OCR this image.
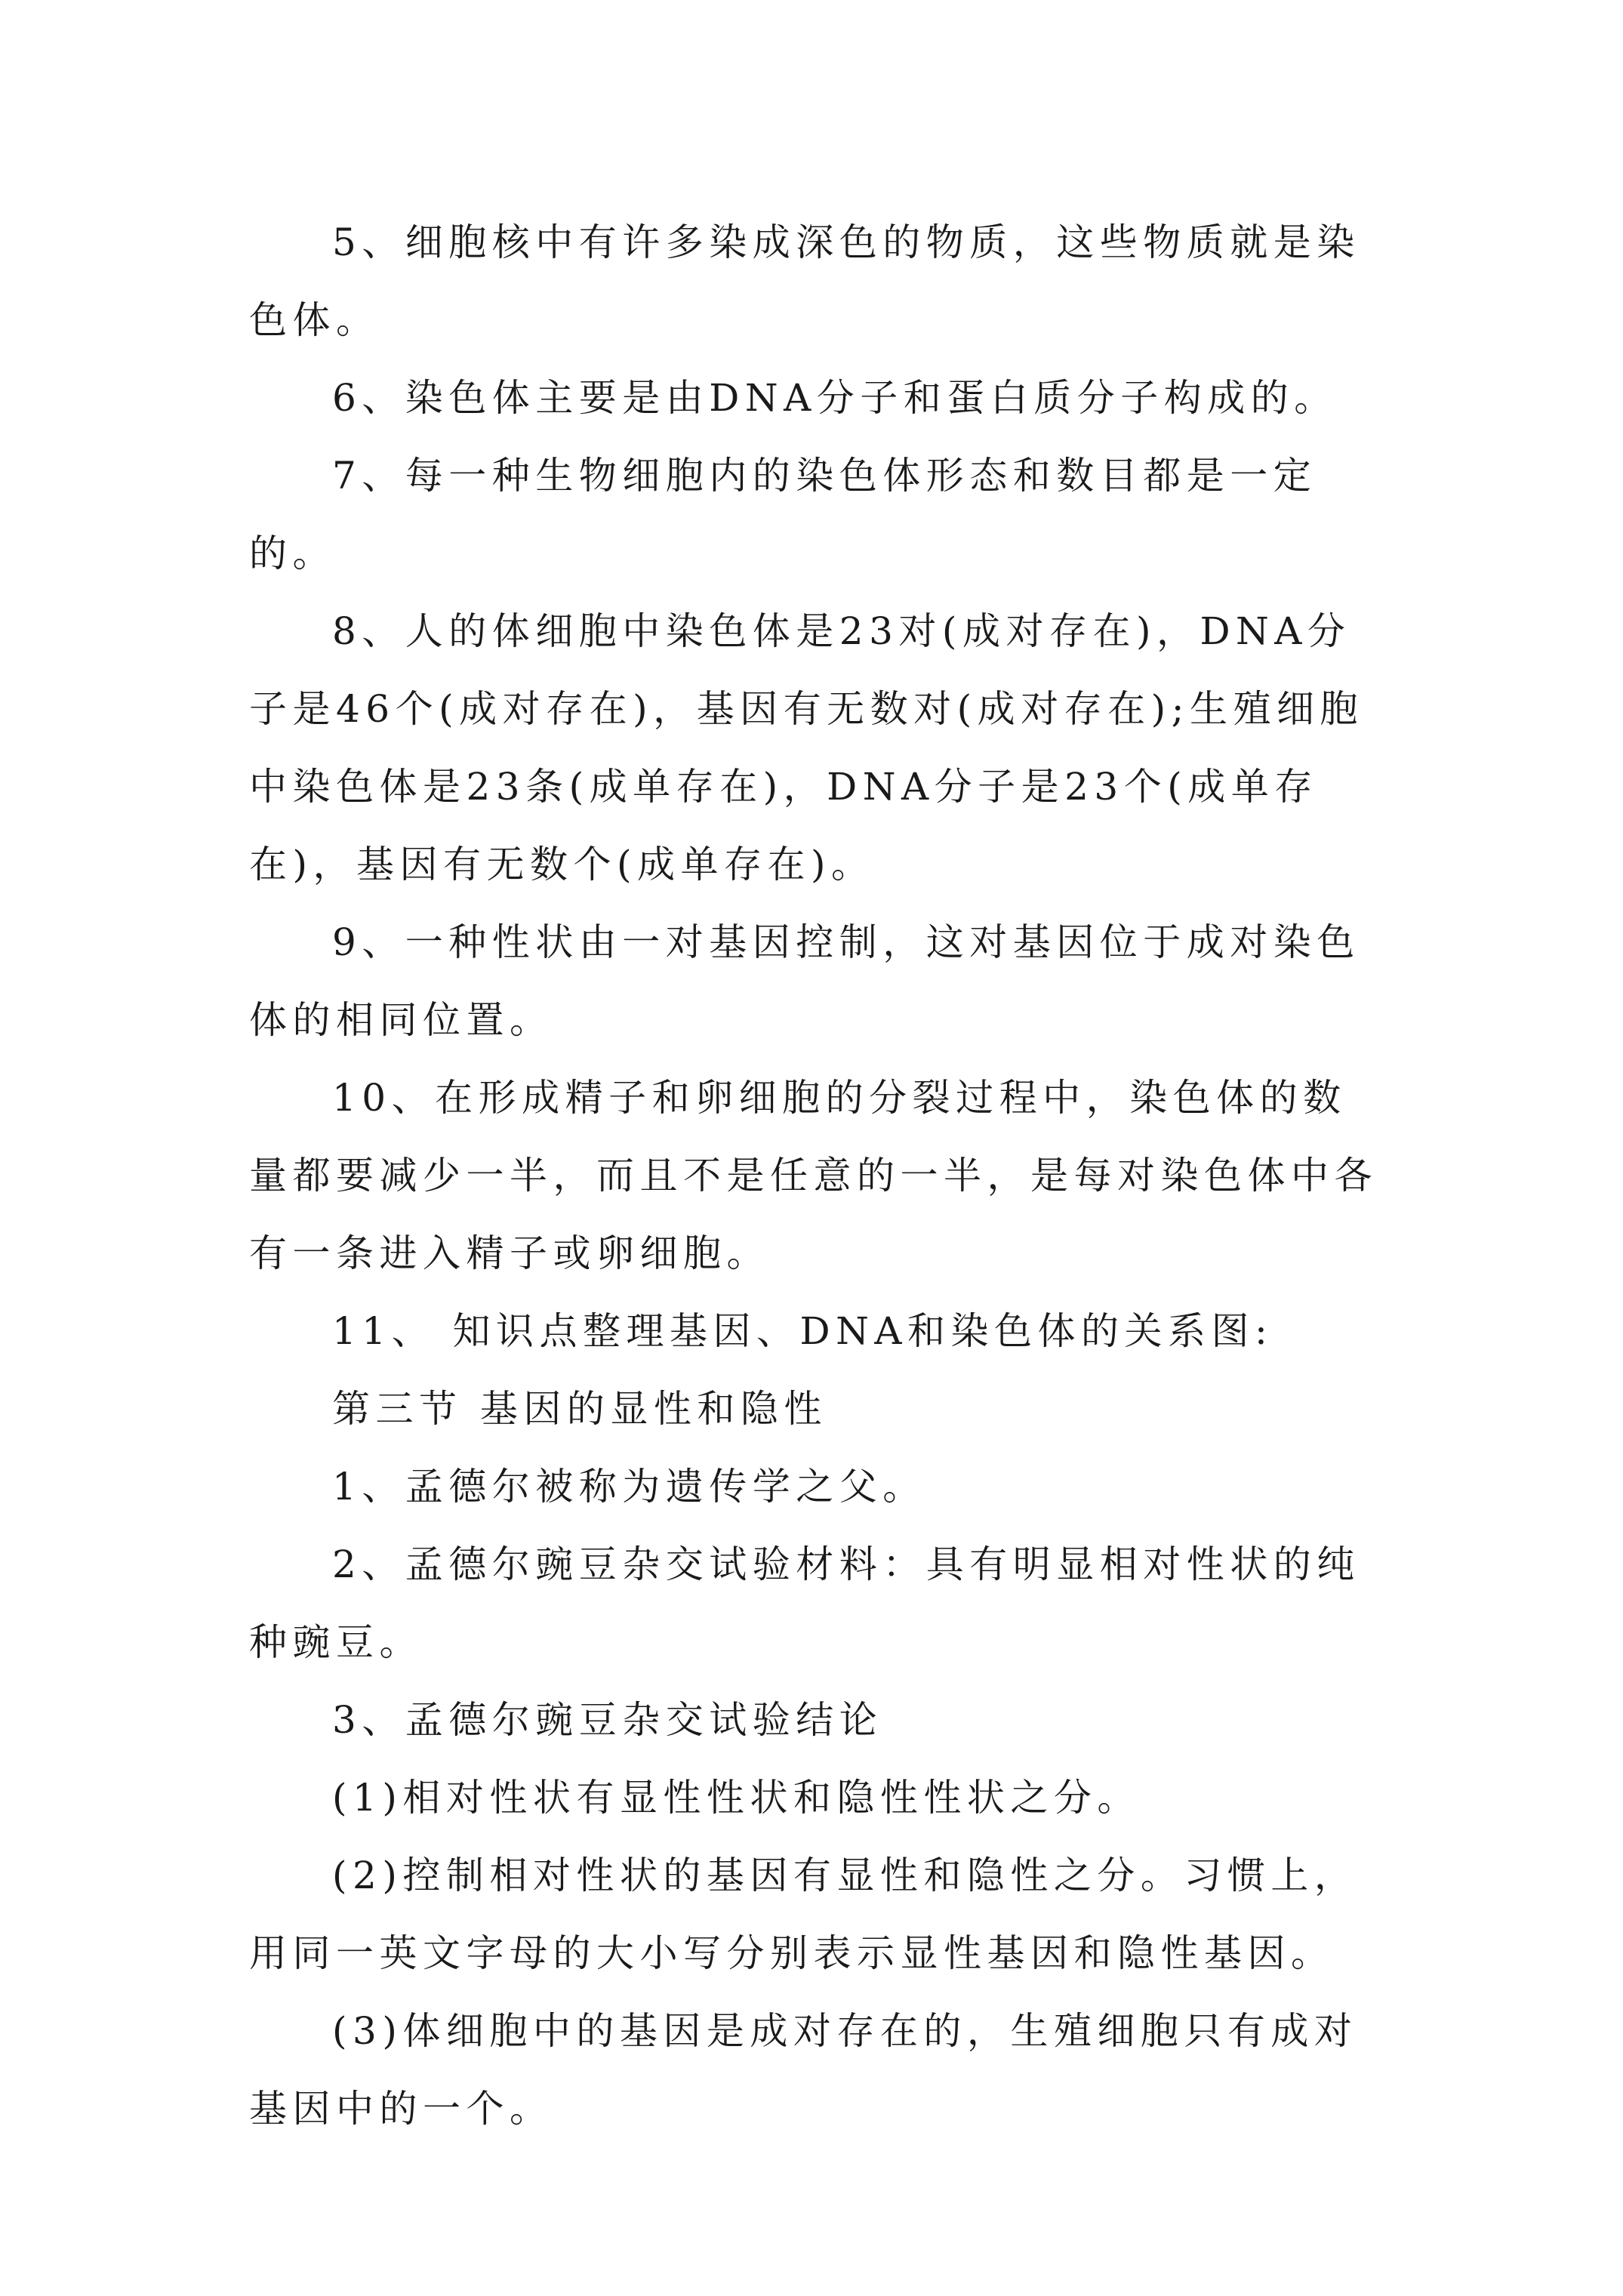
5、细胞核中有许多染成深色的物质，这些物质就是染色体。

6、染色体主要是由DNA分子和蛋白质分子构成的。

7、每一种生物细胞内的染色体形态和数目都是一定的。

8、人的体细胞中染色体是23对(成对存在)，DNA分子是46个(成对存在)，基因有无数对(成对存在);生殖细胞中染色体是23条(成单存在)，DNA分子是23个(成单存在)，基因有无数个(成单存在)。

9、一种性状由一对基因控制，这对基因位于成对染色体的相同位置。

10、在形成精子和卵细胞的分裂过程中，染色体的数量都要减少一半，而且不是任意的一半，是每对染色体中各有一条进入精子或卵细胞。

11、 知识点整理基因、DNA和染色体的关系图:

第三节 基因的显性和隐性

1、孟德尔被称为遗传学之父。

2、孟德尔豌豆杂交试验材料：具有明显相对性状的纯种豌豆。

3、孟德尔豌豆杂交试验结论

(1)相对性状有显性性状和隐性性状之分。

(2)控制相对性状的基因有显性和隐性之分。习惯上，用同一英文字母的大小写分别表示显性基因和隐性基因。

(3)体细胞中的基因是成对存在的，生殖细胞只有成对基因中的一个。
